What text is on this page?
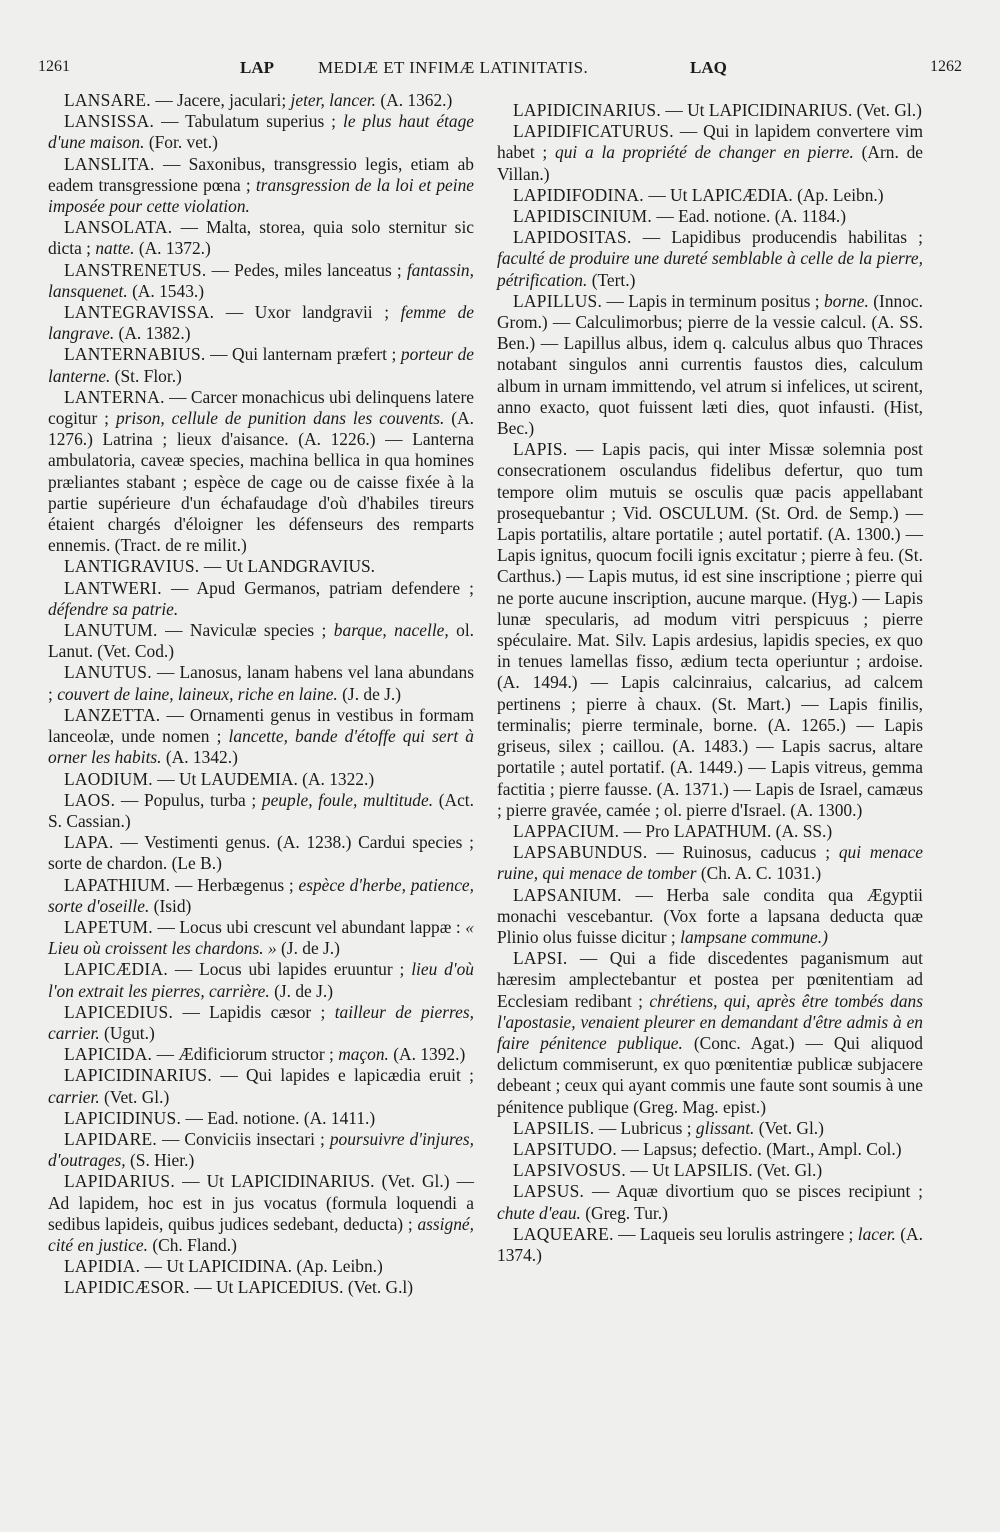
1261	LAP	MEDIÆ ET INFIMÆ LATINITATIS.	LAQ	1262

LANSARE. — Jacere, jaculari; jeter, lancer. (A. 1362.)

LANSISSA. — Tabulatum superius ; le plus haut étage d'une maison. (For. vet.)

LANSLITA. — Saxonibus, transgressio legis, etiam ab eadem transgressione pœna ; transgression de la loi et peine imposée pour cette violation.

LANSOLATA. — Malta, storea, quia solo sternitur sic dicta ; natte. (A. 1372.)

LANSTRENETUS. — Pedes, miles lanceatus ; fantassin, lansquenet. (A. 1543.)

LANTEGRAVISSA. — Uxor landgravii ; femme de langrave. (A. 1382.)

LANTERNABIUS. — Qui lanternam præfert ; porteur de lanterne. (St. Flor.)

LANTERNA. — Carcer monachicus ubi delinquens latere cogitur ; prison, cellule de punition dans les couvents. (A. 1276.) Latrina ; lieux d'aisance. (A. 1226.) — Lanterna ambulatoria, caveæ species, machina bellica in qua homines præliantes stabant ; espèce de cage ou de caisse fixée à la partie supérieure d'un échafaudage d'où d'habiles tireurs étaient chargés d'éloigner les défenseurs des remparts ennemis. (Tract. de re milit.)

LANTIGRAVIUS. — Ut LANDGRAVIUS.

LANTWERI. — Apud Germanos, patriam defendere ; défendre sa patrie.

LANUTUM. — Naviculæ species ; barque, nacelle, ol. Lanut. (Vet. Cod.)

LANUTUS. — Lanosus, lanam habens vel lana abundans ; couvert de laine, laineux, riche en laine. (J. de J.)

LANZETTA. — Ornamenti genus in vestibus in formam lanceolæ, unde nomen ; lancette, bande d'étoffe qui sert à orner les habits. (A. 1342.)

LAODIUM. — Ut LAUDEMIA. (A. 1322.)

LAOS. — Populus, turba ; peuple, foule, multitude. (Act. S. Cassian.)

LAPA. — Vestimenti genus. (A. 1238.) Cardui species ; sorte de chardon. (Le B.)

LAPATHIUM. — Herbægenus ; espèce d'herbe, patience, sorte d'oseille. (Isid)

LAPETUM. — Locus ubi crescunt vel abundant lappæ : « Lieu où croissent les chardons. » (J. de J.)

LAPICÆDIA. — Locus ubi lapides eruuntur ; lieu d'où l'on extrait les pierres, carrière. (J. de J.)

LAPICEDIUS. — Lapidis cæsor ; tailleur de pierres, carrier. (Ugut.)

LAPICIDA. — Ædificiorum structor ; maçon. (A. 1392.)

LAPICIDINARIUS. — Qui lapides e lapicædia eruit ; carrier. (Vet. Gl.)

LAPICIDINUS. — Ead. notione. (A. 1411.)

LAPIDARE. — Conviciis insectari ; poursuivre d'injures, d'outrages, (S. Hier.)

LAPIDARIUS. — Ut LAPICIDINARIUS. (Vet. Gl.) — Ad lapidem, hoc est in jus vocatus (formula loquendi a sedibus lapideis, quibus judices sedebant, deducta) ; assigné, cité en justice. (Ch. Fland.)

LAPIDIA. — Ut LAPICIDINA. (Ap. Leibn.)

LAPIDICÆSOR. — Ut LAPICEDIUS. (Vet. G.l)

LAPIDICINARIUS. — Ut LAPICIDINARIUS. (Vet. Gl.)

LAPIDIFICATURUS. — Qui in lapidem convertere vim habet ; qui a la propriété de changer en pierre. (Arn. de Villan.)

LAPIDIFODINA. — Ut LAPICÆDIA. (Ap. Leibn.)

LAPIDISCINIUM. — Ead. notione. (A. 1184.)

LAPIDOSITAS. — Lapidibus producendis habilitas ; faculté de produire une dureté semblable à celle de la pierre, pétrification. (Tert.)

LAPILLUS. — Lapis in terminum positus ; borne. (Innoc. Grom.) — Calculimorbus; pierre de la vessie calcul. (A. SS. Ben.) — Lapillus albus, idem q. calculus albus quo Thraces notabant singulos anni currentis faustos dies, calculum album in urnam immittendo, vel atrum si infelices, ut scirent, anno exacto, quot fuissent læti dies, quot infausti. (Hist, Bec.)

LAPIS. — Lapis pacis, qui inter Missæ solemnia post consecrationem osculandus fidelibus defertur, quo tum tempore olim mutuis se osculis quæ pacis appellabant prosequebantur ; Vid. OSCULUM. (St. Ord. de Semp.) — Lapis portatilis, altare portatile ; autel portatif. (A. 1300.) — Lapis ignitus, quocum focili ignis excitatur ; pierre à feu. (St. Carthus.) — Lapis mutus, id est sine inscriptione ; pierre qui ne porte aucune inscription, aucune marque. (Hyg.) — Lapis lunæ specularis, ad modum vitri perspicuus ; pierre spéculaire. Mat. Silv. Lapis ardesius, lapidis species, ex quo in tenues lamellas fisso, ædium tecta operiuntur ; ardoise. (A. 1494.) — Lapis calcinraius, calcarius, ad calcem pertinens ; pierre à chaux. (St. Mart.) — Lapis finilis, terminalis; pierre terminale, borne. (A. 1265.) — Lapis griseus, silex ; caillou. (A. 1483.) — Lapis sacrus, altare portatile ; autel portatif. (A. 1449.) — Lapis vitreus, gemma factitia ; pierre fausse. (A. 1371.) — Lapis de Israel, camæus ; pierre gravée, camée ; ol. pierre d'Israel. (A. 1300.)

LAPPACIUM. — Pro LAPATHUM. (A. SS.)

LAPSABUNDUS. — Ruinosus, caducus ; qui menace ruine, qui menace de tomber (Ch. A. C. 1031.)

LAPSANIUM. — Herba sale condita qua Ægyptii monachi vescebantur. (Vox forte a lapsana deducta quæ Plinio olus fuisse dicitur ; lampsane commune.)

LAPSI. — Qui a fide discedentes paganismum aut hæresim amplectebantur et postea per pœnitentiam ad Ecclesiam redibant ; chrétiens, qui, après être tombés dans l'apostasie, venaient pleurer en demandant d'être admis à en faire pénitence publique. (Conc. Agat.) — Qui aliquod delictum commiserunt, ex quo pœnitentiæ publicæ subjacere debeant ; ceux qui ayant commis une faute sont soumis à une pénitence publique (Greg. Mag. epist.)

LAPSILIS. — Lubricus ; glissant. (Vet. Gl.)

LAPSITUDO. — Lapsus; defectio. (Mart., Ampl. Col.)

LAPSIVOSUS. — Ut LAPSILIS. (Vet. Gl.)

LAPSUS. — Aquæ divortium quo se pisces recipiunt ; chute d'eau. (Greg. Tur.)

LAQUEARE. — Laqueis seu lorulis astringere ; lacer. (A. 1374.)
